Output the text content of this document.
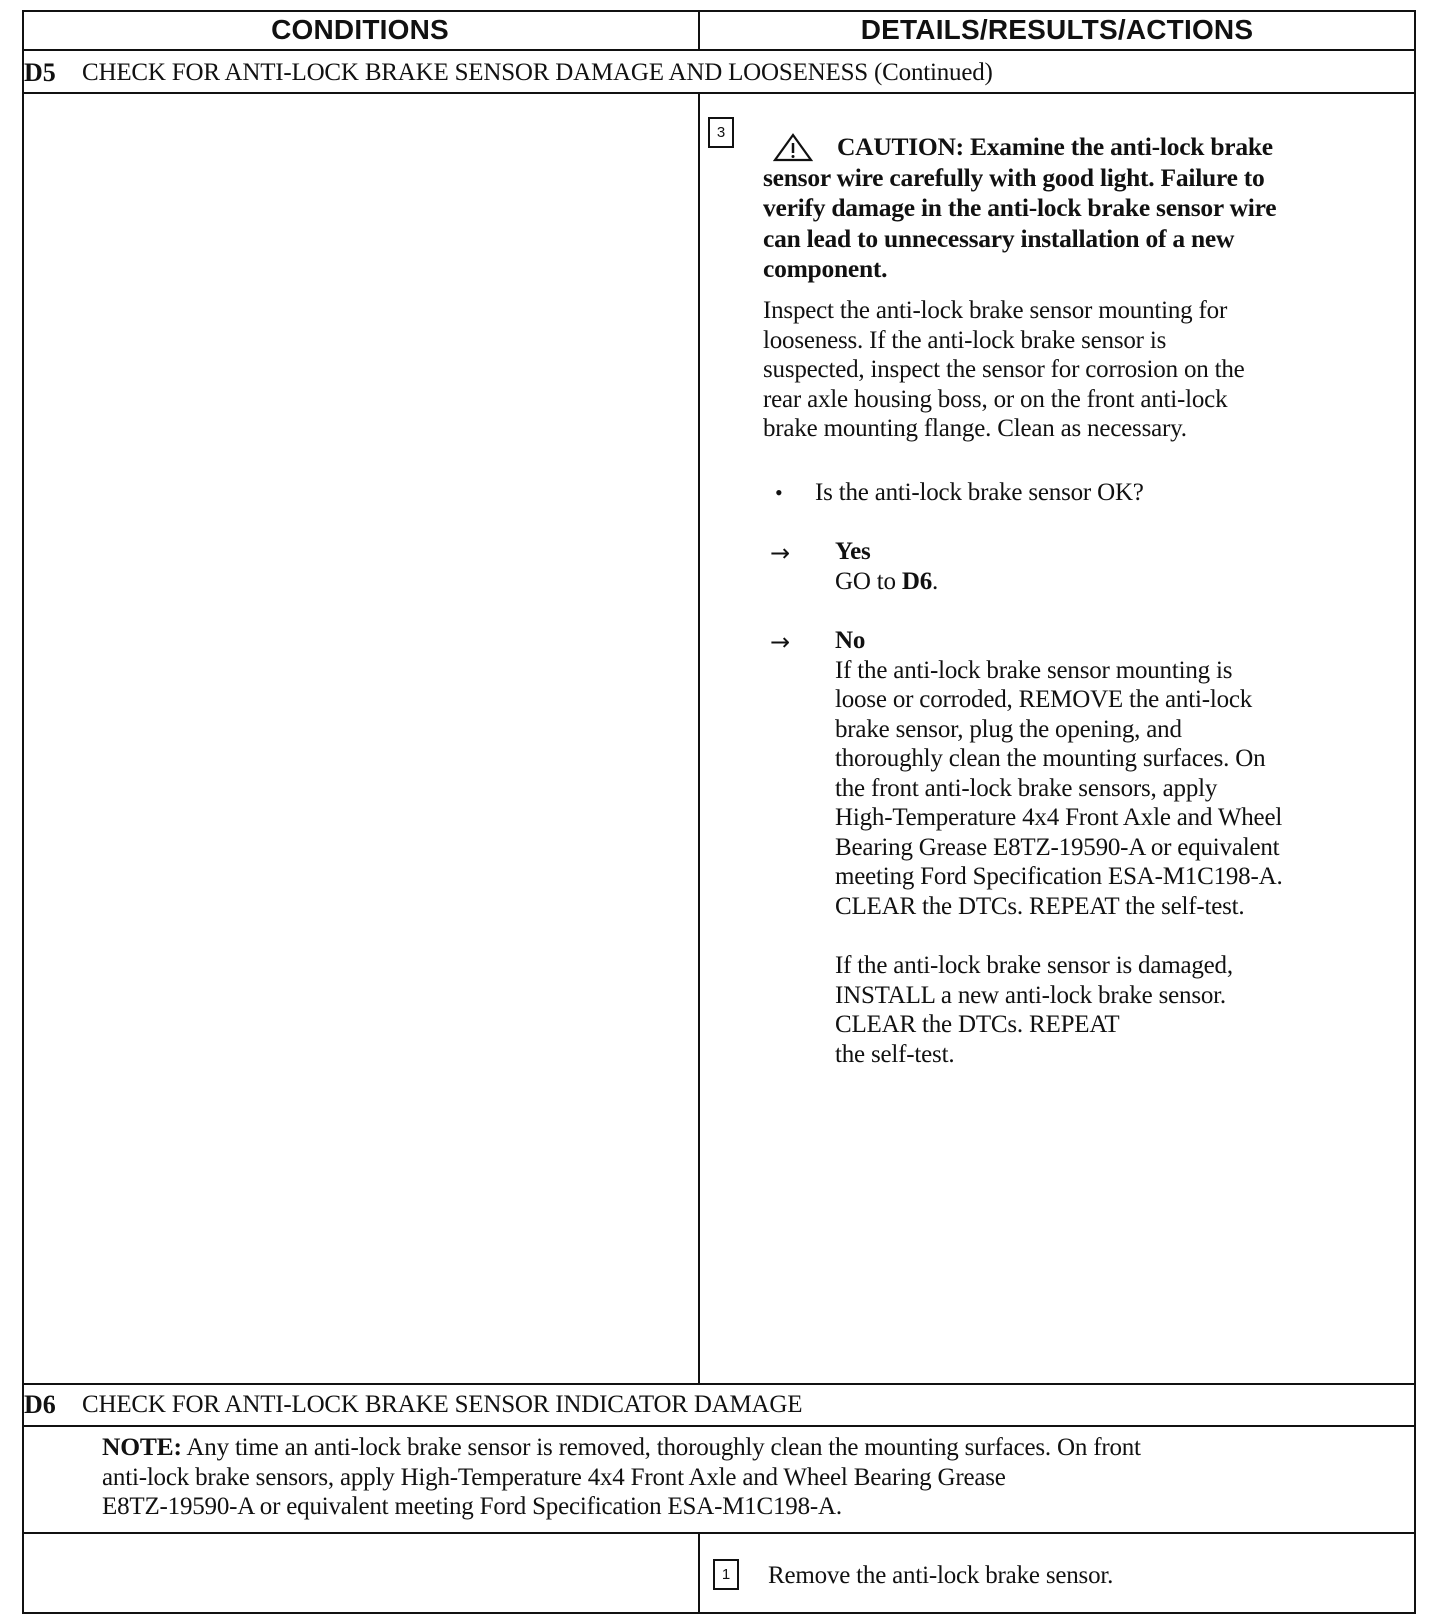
CONDITIONS	DETAILS/RESULTS/ACTIONS
D5 CHECK FOR ANTI-LOCK BRAKE SENSOR DAMAGE AND LOOSENESS (Continued)
3	CAUTION: Examine the anti-lock brake
sensor wire carefully with good light. Failure to
verify damage in the anti-lock brake sensor wire
can lead to unnecessary installation of a new
component.
Inspect the anti-lock brake sensor mounting for
looseness. If the anti-lock brake sensor is
suspected, inspect the sensor for corrosion on the
rear axle housing boss, or on the front anti-lock
brake mounting flange. Clean as necessary.
• Is the anti-lock brake sensor OK?
→ Yes
GO to D6.
→ No
If the anti-lock brake sensor mounting is
loose or corroded, REMOVE the anti-lock
brake sensor, plug the opening, and
thoroughly clean the mounting surfaces. On
the front anti-lock brake sensors, apply
High-Temperature 4x4 Front Axle and Wheel
Bearing Grease E8TZ-19590-A or equivalent
meeting Ford Specification ESA-M1C198-A.
CLEAR the DTCs. REPEAT the self-test.
If the anti-lock brake sensor is damaged,
INSTALL a new anti-lock brake sensor.
CLEAR the DTCs. REPEAT
the self-test.
D6 CHECK FOR ANTI-LOCK BRAKE SENSOR INDICATOR DAMAGE
NOTE: Any time an anti-lock brake sensor is removed, thoroughly clean the mounting surfaces. On front
anti-lock brake sensors, apply High-Temperature 4x4 Front Axle and Wheel Bearing Grease
E8TZ-19590-A or equivalent meeting Ford Specification ESA-M1C198-A.
1	Remove the anti-lock brake sensor.
